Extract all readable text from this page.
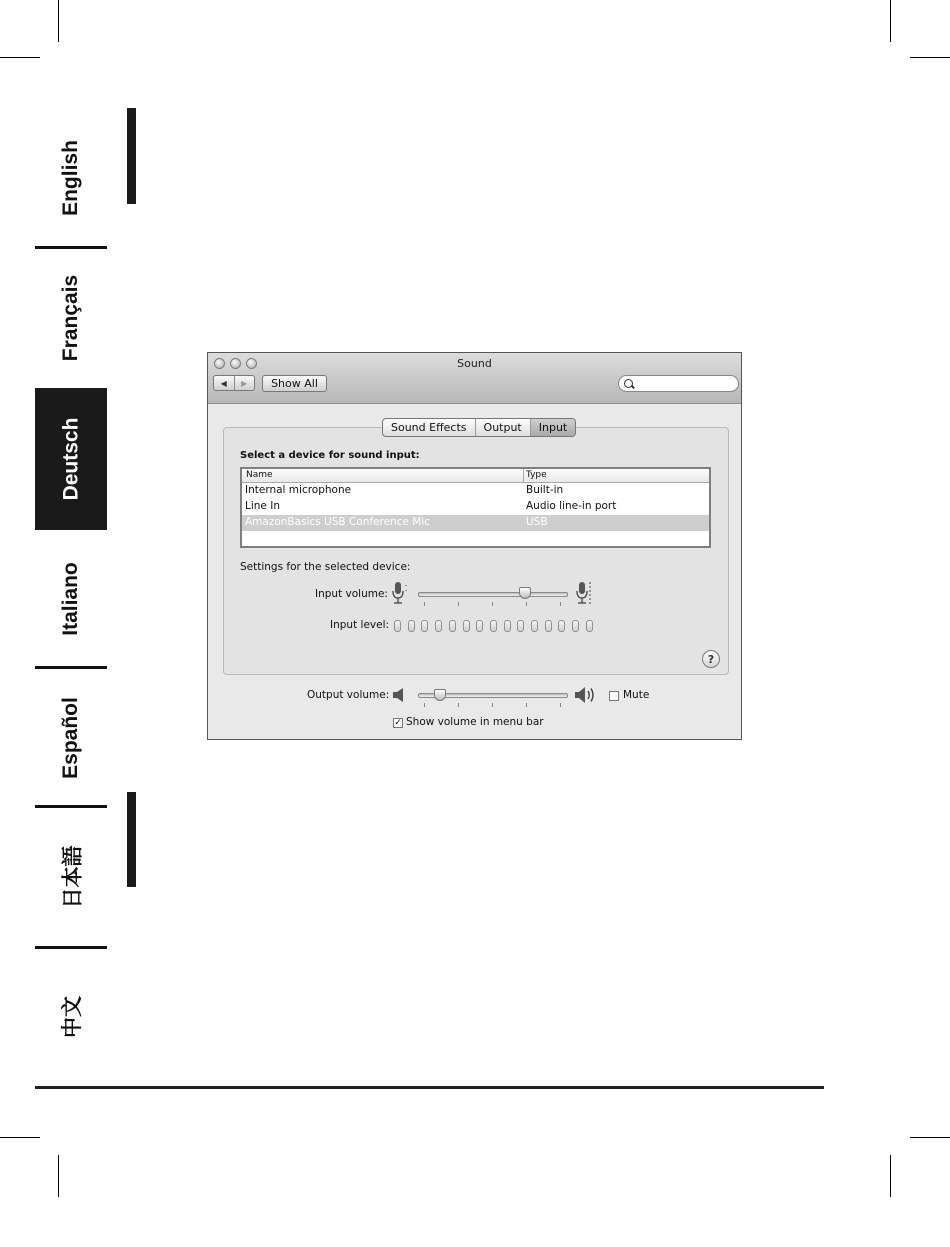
English
Français
Deutsch
Italiano
Español
日本語
中文
Sound
◀	▶	Show All
Sound Effects	Output	Input
Select a device for sound input:
Name	Type
Internal microphone	Built-in
Line In	Audio line-in port
AmazonBasics USB Conference Mic	USB
Settings for the selected device:
Input volume:
Input level:
?
Output volume:	Mute
✓ Show volume in menu bar
